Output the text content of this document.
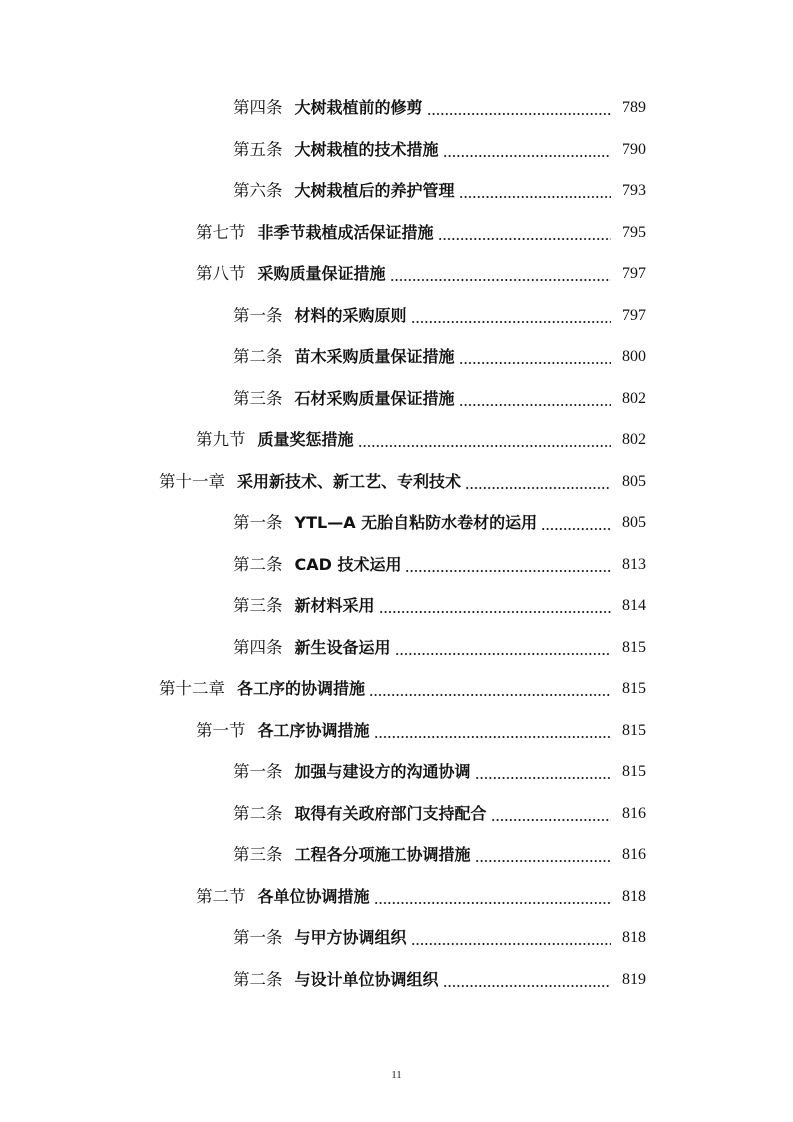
第四条 大树栽植前的修剪	789
第五条 大树栽植的技术措施	790
第六条 大树栽植后的养护管理	793
第七节 非季节栽植成活保证措施	795
第八节 采购质量保证措施	797
第一条 材料的采购原则	797
第二条 苗木采购质量保证措施	800
第三条 石材采购质量保证措施	802
第九节 质量奖惩措施	802
第十一章 采用新技术、新工艺、专利技术	805
第一条 YTL—A 无胎自粘防水卷材的运用	805
第二条 CAD 技术运用	813
第三条 新材料采用	814
第四条 新生设备运用	815
第十二章 各工序的协调措施	815
第一节 各工序协调措施	815
第一条 加强与建设方的沟通协调	815
第二条 取得有关政府部门支持配合	816
第三条 工程各分项施工协调措施	816
第二节 各单位协调措施	818
第一条 与甲方协调组织	818
第二条 与设计单位协调组织	819
11
